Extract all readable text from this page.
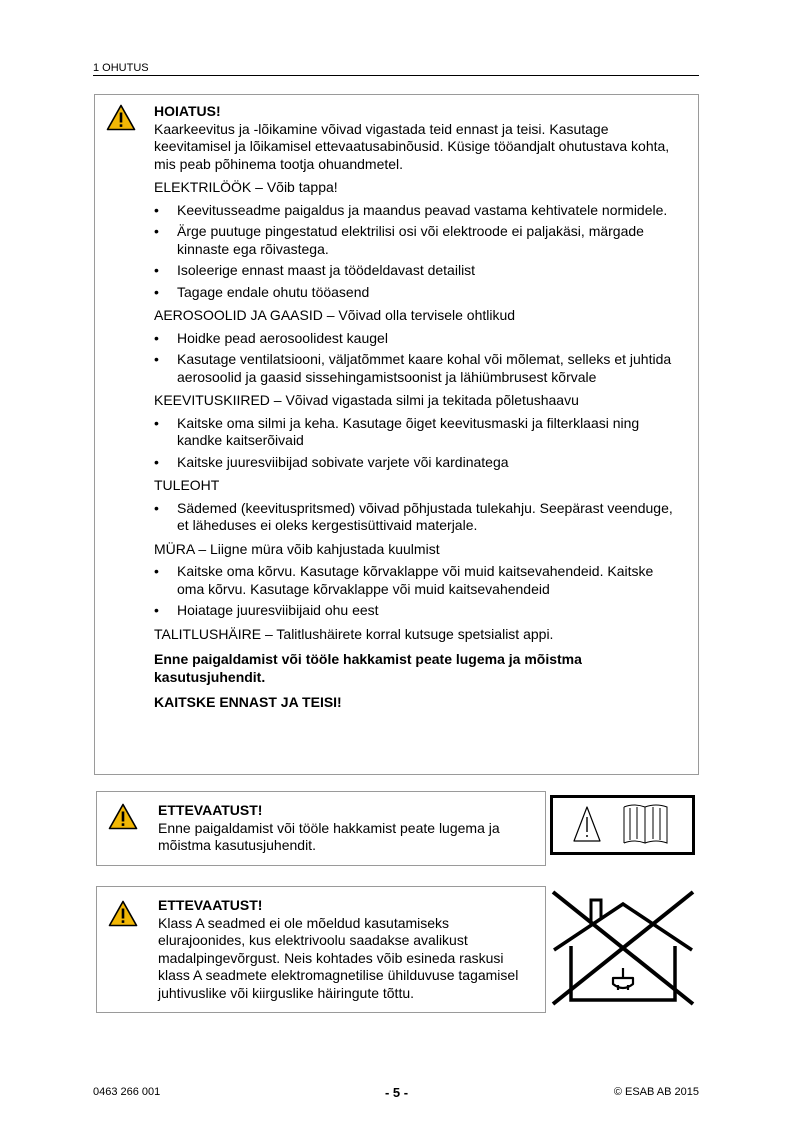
1 OHUTUS

HOIATUS!

Kaarkeevitus ja -lõikamine võivad vigastada teid ennast ja teisi. Kasutage keevitamisel ja lõikamisel ettevaatusabinõusid. Küsige tööandjalt ohutustava kohta, mis peab põhinema tootja ohuandmetel.

ELEKTRILÖÖK – Võib tappa!

• Keevitusseadme paigaldus ja maandus peavad vastama kehtivatele normidele.
• Ärge puutuge pingestatud elektrilisi osi või elektroode ei paljakäsi, märgade kinnaste ega rõivastega.
• Isoleerige ennast maast ja töödeldavast detailist
• Tagage endale ohutu tööasend

AEROSOOLID JA GAASID – Võivad olla tervisele ohtlikud

• Hoidke pead aerosoolidest kaugel
• Kasutage ventilatsiooni, väljatõmmet kaare kohal või mõlemat, selleks et juhtida aerosoolid ja gaasid sissehingamistsoonist ja lähiümbrusest kõrvale

KEEVITUSKIIRED – Võivad vigastada silmi ja tekitada põletushaavu

• Kaitske oma silmi ja keha. Kasutage õiget keevitusmaski ja filterklaasi ning kandke kaitserõivaid
• Kaitske juuresviibijad sobivate varjete või kardinatega

TULEOHT

• Sädemed (keevituspritsmed) võivad põhjustada tulekahju. Seepärast veenduge, et läheduses ei oleks kergestisüttivaid materjale.

MÜRA – Liigne müra võib kahjustada kuulmist

• Kaitske oma kõrvu. Kasutage kõrvaklappe või muid kaitsevahendeid. Kaitske oma kõrvu. Kasutage kõrvaklappe või muid kaitsevahendeid
• Hoiatage juuresviibijaid ohu eest

TALITLUSHÄIRE – Talitlushäirete korral kutsuge spetsialist appi.

Enne paigaldamist või tööle hakkamist peate lugema ja mõistma kasutusjuhendit.

KAITSKE ENNAST JA TEISI!

ETTEVAATUST!

Enne paigaldamist või tööle hakkamist peate lugema ja mõistma kasutusjuhendit.

ETTEVAATUST!

Klass A seadmed ei ole mõeldud kasutamiseks elurajoonides, kus elektrivoolu saadakse avalikust madalpingevõrgust. Neis kohtades võib esineda raskusi klass A seadmete elektromagnetilise ühilduvuse tagamisel juhtivuslike või kiirguslike häiringute tõttu.

0463 266 001	- 5 -	© ESAB AB 2015
